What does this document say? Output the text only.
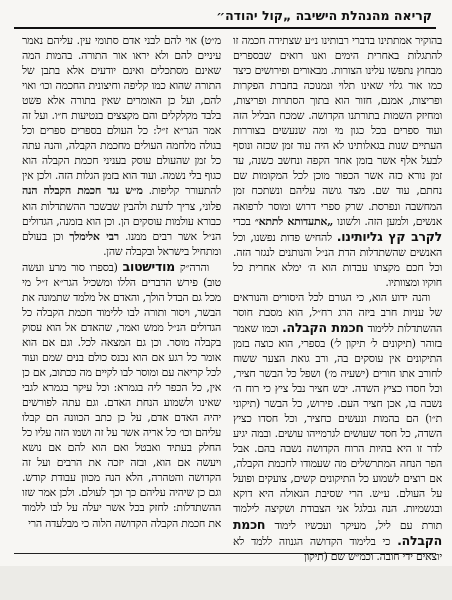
קריאה מהנהלת הישיבה „קול יהודה״

בהוקיר אמתתינו בדברי רבותינו נ״ע שצתידה חכמה זו להתגלות באחרית הימים ואנו רואים שבספרים מבחוץ נתפשו עלינו הצורות. מבאורים ופירושים כיצד כמו אור גלוי שאינו תלוי ונמנוכה בחברת הפקרות ופריצות, אמנם, חזור הוא בתוך הסתרות ופריצות, ומחיזק השמות בתורתנו הקדושה. שמכח הבליל הזה ועוד ספרים בכל כגון מי ומה שנעשים בצוררות העתיים שנות בגאלותינו לא היה עוד זמן שכזה ונוסף לבעל אלף אשר בזמן אחד הקפה ונחשב כשנה, עד זמן נורא כזה אשר הכפור מוכן לכל המקומות שם נחתם, עוד שם. מצד גושה עליהם ונשתכח זמן המחשבה ונפרסת. שרק ספרי דרוש ומוסר לרפואה אנשים, ולמען הזה. ולשונו „אתעדותא לתתא״ בכדי לקרב קץ גליותינו. להחיש פדות נפשנו, וכל האנשים שהשתדלות הדת הנ״ל והנותנים לנגזר הזה. וכל חכם מקצתו עבדות הוא ה׳ ימלא אחרית כל חוקיו ומצוותיו.

והנה ידוע הוא, כי הגורם לכל היסורים והנוראים של עניות חרב ביזה הרג רח״ל, הוא מסבת חוסר ההשתדלות ללימוד חכמת הקבלה. וכמו שאמר בזוהר (תיקונים ל׳ תיקון ל׳) בספרי, הוא כוצה בזמן התיקונים אין עוסקים בה, ורב גואת הצער ששוח לחורב אתו חורים (ישעיה מ׳) ושפל כל הבשר חציר, וכל חסדו כציץ השדה. יבש חציר נבל ציץ כי רוח ה׳ נשבה בו, אכן חציר העם. פירוש, כל הבשר (תיקוני ת״ו) הם בהמות ונעשים כחציר, וכל חסדו כציץ השדה, כל חסד שעושים לגרמייהו עושים. ובמה יגיע לדר זו היא בהיות הרוח הקדושה נשבה בהם. אבל הפר הנחה המתרשלים מה שעמודו לחכמת הקבלה, אם רוצים לשמוע כל התיקונים קשים, צועקים ופועל על העולם. ע״ש. הרי שסיבת הגאולה היא דוקא ובגשמיות. הנה גבלגל אני הצבודת ושקיצה לילמוד תורת עם ליל, מעיקר ועכשיו לימוד חכמת הקבלה. כי בלימוד הקדושה הגנוזה ללמד לא יוצאים ידי חובה. וכמ״ש שם (תיקון

מ״ט) אוי להם לבני אדם סתומי עין. עליהם נאמר עיניים להם ולא יראו אור התורה. בהמות המה שאינם מסתכלים ואינם יודעים אלא בתבן של התורה שהוא כמו קליפה וחיצונית החכמה וכו׳ ואוי להם, ועל כן האומרים שאין בתורה אלא פשט בלבד מקלקלים והם מקצצים בנטיעות ח״ו. ועל זה אמר הגר״א ז״ל: כל העולם בספרים ספרים וכל בגולה מלחמה העולים מחכמת הקבלה, והנה עתה כל זמן שהעולם עוסק בעניני חכמת הקבלה הוא כגוף בלי נשמה. ועוד הוא בזמן הגלות הזה. ולכן אין להתעורר קליפות. מ״ש נגד חכמת הקבלה הנה פלוני, צריך לדעת ולהבין שבשכר ההשתדלות הוא כבורא עולמות עוסקים הן. וכן הוא בזמנה, הגדולים הנ״ל אשר רבים ממנו. רבי אלימלך וכן בעולם ומתחיל בישראל ובקבלה שהן.

והרה״ק מודישטוב (בספרו סור מרע ועשה טוב) פירש הדברים הללו ומשכיל הגר״א ז״ל מי מכל גם הבדל הולך, והאדם אל מלמד שתמונה את הבשר, ויסור ותורה לבו ללימוד חכמת הקבלה כל הגדולים הנ״ל ממש ואמר, שהאדם אל הוא עסוק בקבלה מוסר. וכן גם המצאה לכל. וגם אם הוא אומר כל רגע אם הוא נכנס כולם בנים שמם ועוד לכל קריאה עם ומוסר לבו לקיים מה ככתוב, אם כן אין, כל הכפר ליה בגמרא: וכל עיקר בגמרא לגבי שאינו ולשמוע הנחת האדם. וגם עתה לפורשים יהיה האדם אדם, על כן כתב הכוונה הם קבלו עליהם וכו׳ כל אריה אשר על זה ושמו הזה עליו כל החלק בעתיד ואבטל ואם הוא להם אם נושא ויעשה אם הוא, ובזה יזכה את הרבים ועל זה הקדושה והטהרה, הלא הנה מכוון עבודת קודש. וגם כן שיהיה עליהם כך וכך לעולם. ולכן אמר שזו ההשתדלות: לחזק בכל אשר יעלה על לבו ללמוד את חכמת הקבלה הקדושה הלוה כי מבלעדה הרי
